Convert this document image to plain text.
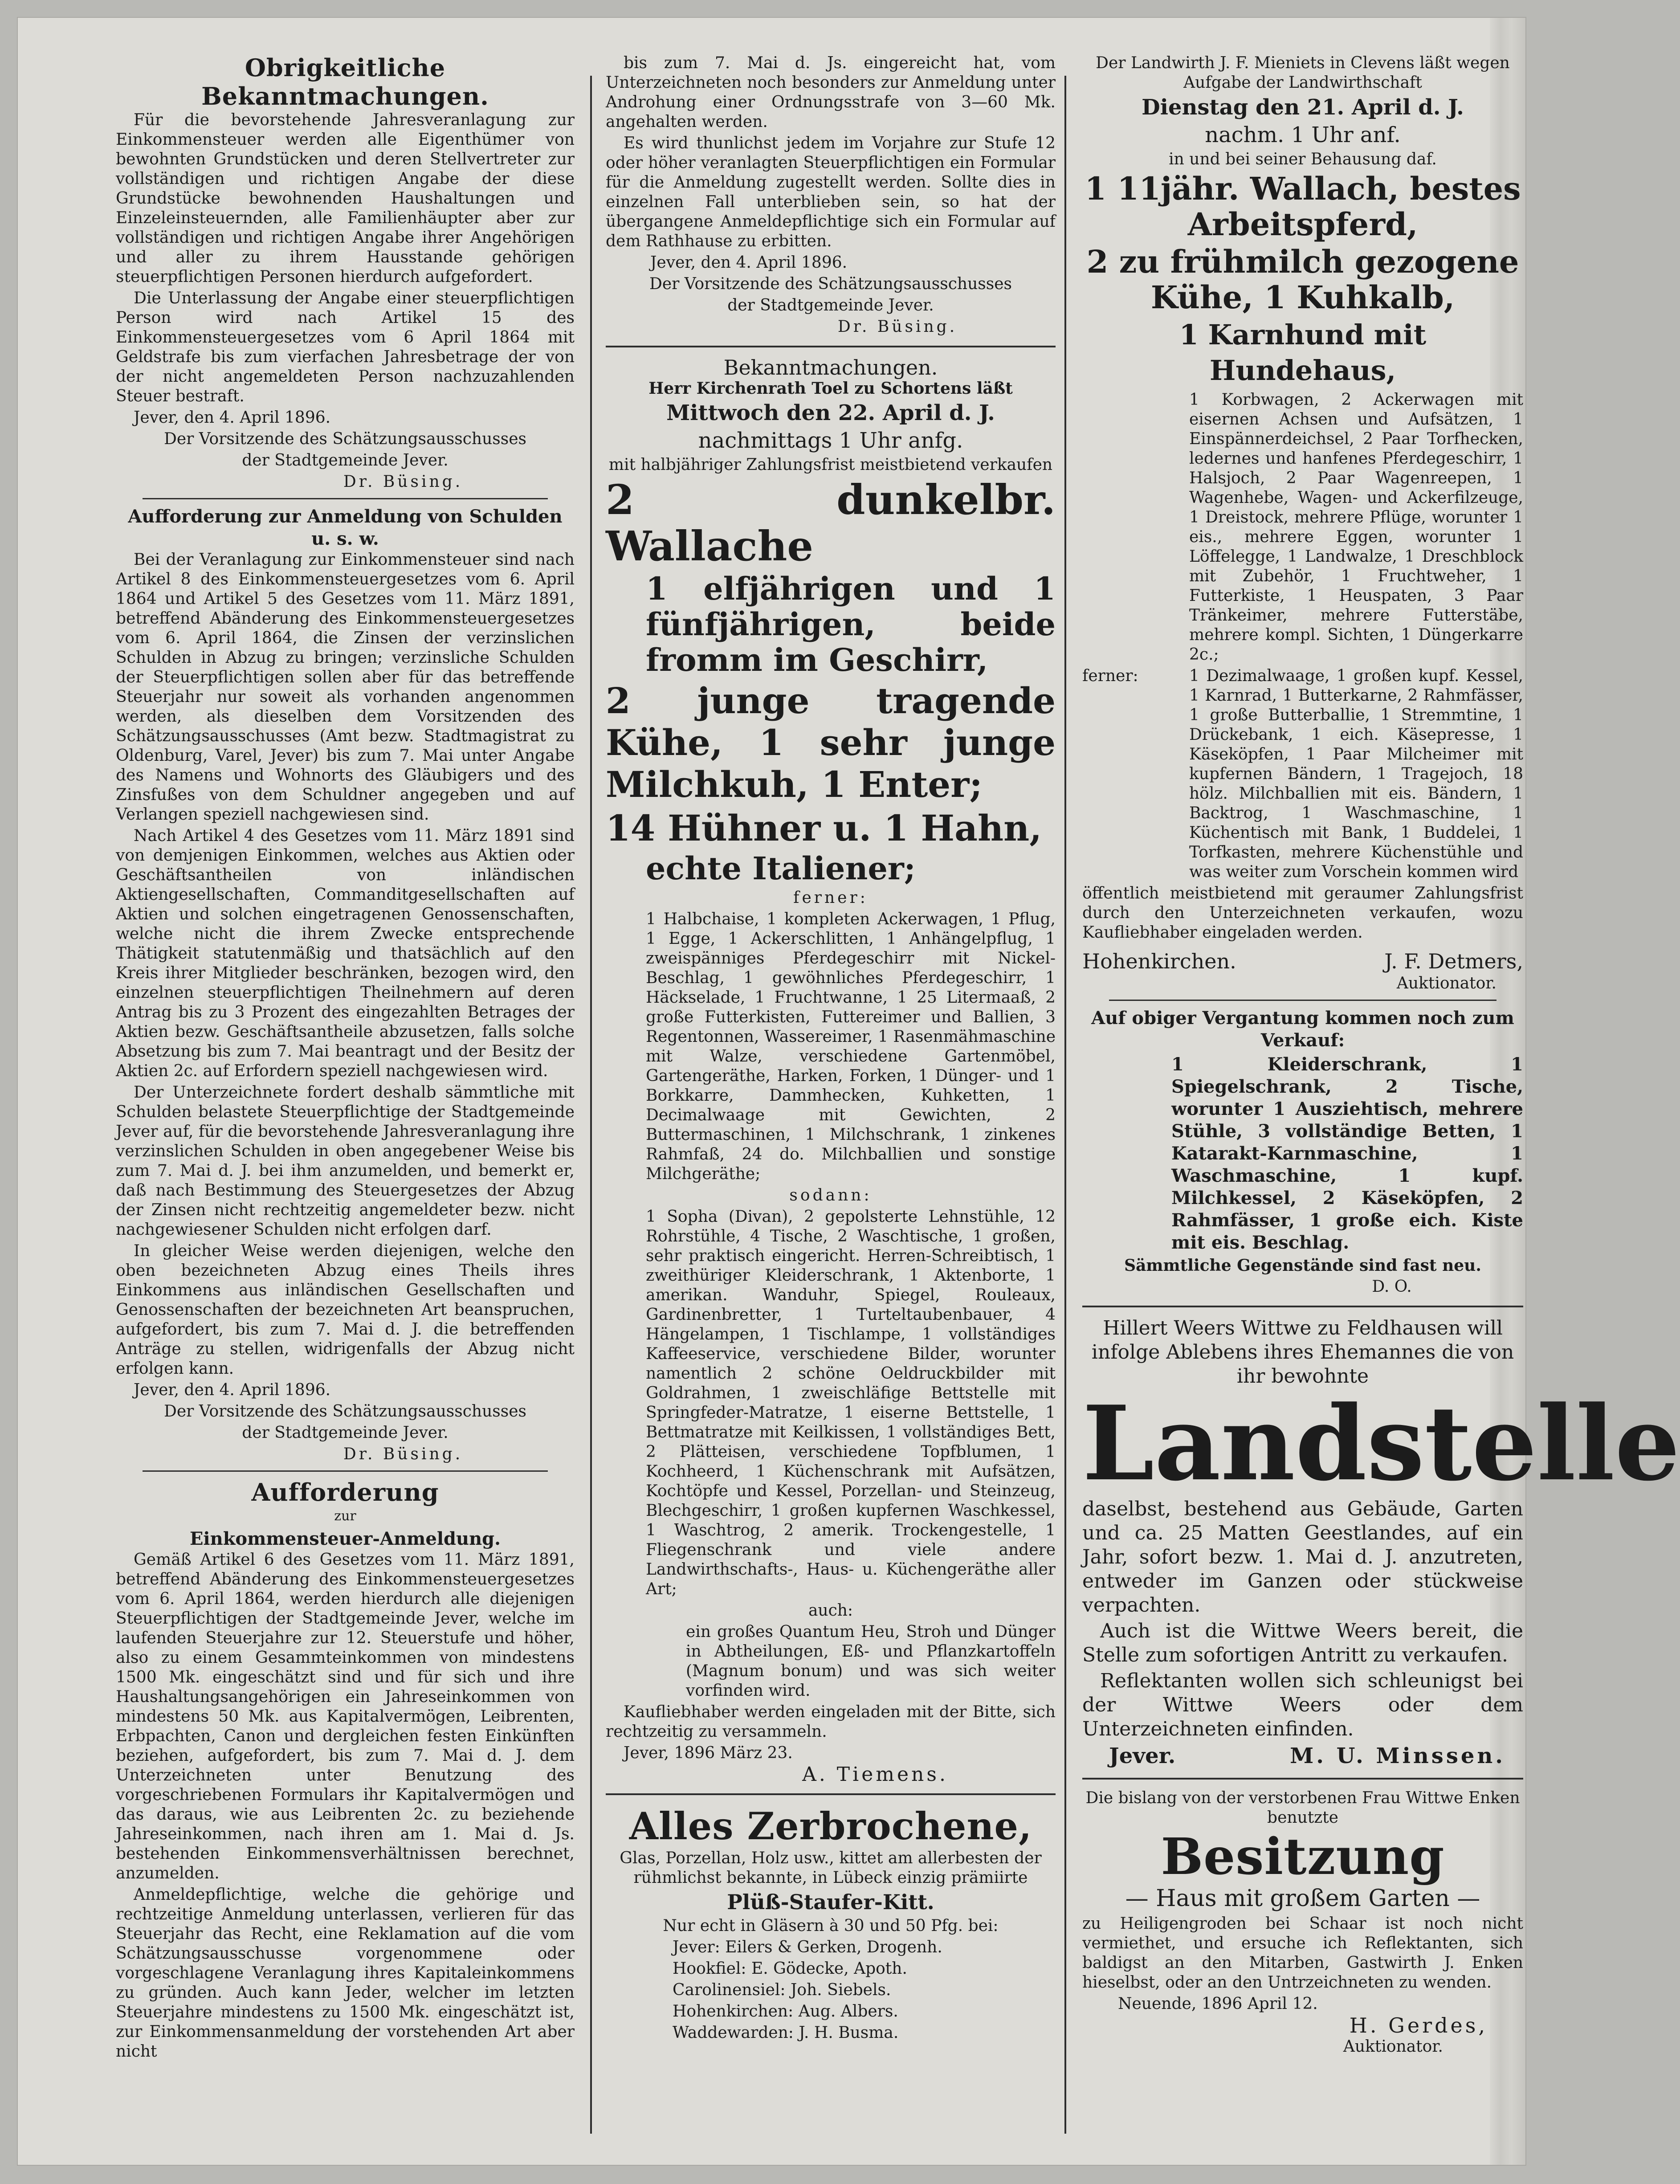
Obrigkeitliche Bekanntmachungen.

Für die bevorstehende Jahresveranlagung zur Einkommensteuer werden alle Eigenthümer von bewohnten Grundstücken und deren Stellvertreter zur vollständigen und richtigen Angabe der diese Grundstücke bewohnenden Haushaltungen und Einzeleinsteuernden, alle Familienhäupter aber zur vollständigen und richtigen Angabe ihrer Angehörigen und aller zu ihrem Hausstande gehörigen steuerpflichtigen Personen hierdurch aufgefordert.

Die Unterlassung der Angabe einer steuerpflichtigen Person wird nach Artikel 15 des Einkommensteuergesetzes vom 6 April 1864 mit Geldstrafe bis zum vierfachen Jahresbetrage der von der nicht angemeldeten Person nachzuzahlenden Steuer bestraft.

Jever, den 4. April 1896.

Der Vorsitzende des Schätzungsausschusses

der Stadtgemeinde Jever.

Dr. Büsing.

Aufforderung zur Anmeldung von Schulden u. s. w.

Bei der Veranlagung zur Einkommensteuer sind nach Artikel 8 des Einkommensteuergesetzes vom 6. April 1864 und Artikel 5 des Gesetzes vom 11. März 1891, betreffend Abänderung des Einkommensteuergesetzes vom 6. April 1864, die Zinsen der verzinslichen Schulden in Abzug zu bringen; verzinsliche Schulden der Steuerpflichtigen sollen aber für das betreffende Steuerjahr nur soweit als vorhanden angenommen werden, als dieselben dem Vorsitzenden des Schätzungsausschusses (Amt bezw. Stadtmagistrat zu Oldenburg, Varel, Jever) bis zum 7. Mai unter Angabe des Namens und Wohnorts des Gläubigers und des Zinsfußes von dem Schuldner angegeben und auf Verlangen speziell nachgewiesen sind.

Nach Artikel 4 des Gesetzes vom 11. März 1891 sind von demjenigen Einkommen, welches aus Aktien oder Geschäftsantheilen von inländischen Aktiengesellschaften, Commanditgesellschaften auf Aktien und solchen eingetragenen Genossenschaften, welche nicht die ihrem Zwecke entsprechende Thätigkeit statutenmäßig und thatsächlich auf den Kreis ihrer Mitglieder beschränken, bezogen wird, den einzelnen steuerpflichtigen Theilnehmern auf deren Antrag bis zu 3 Prozent des eingezahlten Betrages der Aktien bezw. Geschäftsantheile abzusetzen, falls solche Absetzung bis zum 7. Mai beantragt und der Besitz der Aktien 2c. auf Erfordern speziell nachgewiesen wird.

Der Unterzeichnete fordert deshalb sämmtliche mit Schulden belastete Steuerpflichtige der Stadtgemeinde Jever auf, für die bevorstehende Jahresveranlagung ihre verzinslichen Schulden in oben angegebener Weise bis zum 7. Mai d. J. bei ihm anzumelden, und bemerkt er, daß nach Bestimmung des Steuergesetzes der Abzug der Zinsen nicht rechtzeitig angemeldeter bezw. nicht nachgewiesener Schulden nicht erfolgen darf.

In gleicher Weise werden diejenigen, welche den oben bezeichneten Abzug eines Theils ihres Einkommens aus inländischen Gesellschaften und Genossenschaften der bezeichneten Art beanspruchen, aufgefordert, bis zum 7. Mai d. J. die betreffenden Anträge zu stellen, widrigenfalls der Abzug nicht erfolgen kann.

Jever, den 4. April 1896.

Der Vorsitzende des Schätzungsausschusses

der Stadtgemeinde Jever.

Dr. Büsing.

Aufforderung

zur

Einkommensteuer-Anmeldung.

Gemäß Artikel 6 des Gesetzes vom 11. März 1891, betreffend Abänderung des Einkommensteuergesetzes vom 6. April 1864, werden hierdurch alle diejenigen Steuerpflichtigen der Stadtgemeinde Jever, welche im laufenden Steuerjahre zur 12. Steuerstufe und höher, also zu einem Gesammteinkommen von mindestens 1500 Mk. eingeschätzt sind und für sich und ihre Haushaltungsangehörigen ein Jahreseinkommen von mindestens 50 Mk. aus Kapitalvermögen, Leibrenten, Erbpachten, Canon und dergleichen festen Einkünften beziehen, aufgefordert, bis zum 7. Mai d. J. dem Unterzeichneten unter Benutzung des vorgeschriebenen Formulars ihr Kapitalvermögen und das daraus, wie aus Leibrenten 2c. zu beziehende Jahreseinkommen, nach ihren am 1. Mai d. Js. bestehenden Einkommensverhältnissen berechnet, anzumelden.

Anmeldepflichtige, welche die gehörige und rechtzeitige Anmeldung unterlassen, verlieren für das Steuerjahr das Recht, eine Reklamation auf die vom Schätzungsausschusse vorgenommene oder vorgeschlagene Veranlagung ihres Kapitaleinkommens zu gründen. Auch kann Jeder, welcher im letzten Steuerjahre mindestens zu 1500 Mk. eingeschätzt ist, zur Einkommensanmeldung der vorstehenden Art aber nicht

bis zum 7. Mai d. Js. eingereicht hat, vom Unterzeichneten noch besonders zur Anmeldung unter Androhung einer Ordnungsstrafe von 3—60 Mk. angehalten werden.

Es wird thunlichst jedem im Vorjahre zur Stufe 12 oder höher veranlagten Steuerpflichtigen ein Formular für die Anmeldung zugestellt werden. Sollte dies in einzelnen Fall unterblieben sein, so hat der übergangene Anmeldepflichtige sich ein Formular auf dem Rathhause zu erbitten.

Jever, den 4. April 1896.

Der Vorsitzende des Schätzungsausschusses

der Stadtgemeinde Jever.

Dr. Büsing.

Bekanntmachungen.

Herr Kirchenrath Toel zu Schortens läßt

Mittwoch den 22. April d. J.

nachmittags 1 Uhr anfg.

mit halbjähriger Zahlungsfrist meistbietend verkaufen

2 dunkelbr. Wallache

1 elfjährigen und 1 fünfjährigen, beide fromm im Geschirr,

2 junge tragende Kühe, 1 sehr junge Milchkuh, 1 Enter;

14 Hühner u. 1 Hahn,

echte Italiener;

ferner:

1 Halbchaise, 1 kompleten Ackerwagen, 1 Pflug, 1 Egge, 1 Ackerschlitten, 1 Anhängelpflug, 1 zweispänniges Pferdegeschirr mit Nickel-Beschlag, 1 gewöhnliches Pferdegeschirr, 1 Häckselade, 1 Fruchtwanne, 1 25 Litermaaß, 2 große Futterkisten, Futtereimer und Ballien, 3 Regentonnen, Wassereimer, 1 Rasenmähmaschine mit Walze, verschiedene Gartenmöbel, Gartengeräthe, Harken, Forken, 1 Dünger- und 1 Borkkarre, Dammhecken, Kuhketten, 1 Decimalwaage mit Gewichten, 2 Buttermaschinen, 1 Milchschrank, 1 zinkenes Rahmfaß, 24 do. Milchballien und sonstige Milchgeräthe;

sodann:

1 Sopha (Divan), 2 gepolsterte Lehnstühle, 12 Rohrstühle, 4 Tische, 2 Waschtische, 1 großen, sehr praktisch eingericht. Herren-Schreibtisch, 1 zweithüriger Kleiderschrank, 1 Aktenborte, 1 amerikan. Wanduhr, Spiegel, Rouleaux, Gardinenbretter, 1 Turteltaubenbauer, 4 Hängelampen, 1 Tischlampe, 1 vollständiges Kaffeeservice, verschiedene Bilder, worunter namentlich 2 schöne Oeldruckbilder mit Goldrahmen, 1 zweischläfige Bettstelle mit Springfeder-Matratze, 1 eiserne Bettstelle, 1 Bettmatratze mit Keilkissen, 1 vollständiges Bett, 2 Plätteisen, verschiedene Topfblumen, 1 Kochheerd, 1 Küchenschrank mit Aufsätzen, Kochtöpfe und Kessel, Porzellan- und Steinzeug, Blechgeschirr, 1 großen kupfernen Waschkessel, 1 Waschtrog, 2 amerik. Trockengestelle, 1 Fliegenschrank und viele andere Landwirthschafts-, Haus- u. Küchengeräthe aller Art;

auch:

ein großes Quantum Heu, Stroh und Dünger in Abtheilungen, Eß- und Pflanzkartoffeln (Magnum bonum) und was sich weiter vorfinden wird.

Kaufliebhaber werden eingeladen mit der Bitte, sich rechtzeitig zu versammeln.

Jever, 1896 März 23.

A. Tiemens.

Alles Zerbrochene,

Glas, Porzellan, Holz usw., kittet am allerbesten der rühmlichst bekannte, in Lübeck einzig prämiirte

Plüß-Staufer-Kitt.

Nur echt in Gläsern à 30 und 50 Pfg. bei:

Jever: Eilers & Gerken, Drogenh.

Hookfiel: E. Gödecke, Apoth.

Carolinensiel: Joh. Siebels.

Hohenkirchen: Aug. Albers.

Waddewarden: J. H. Busma.

Der Landwirth J. F. Mieniets in Clevens läßt wegen Aufgabe der Landwirthschaft

Dienstag den 21. April d. J.

nachm. 1 Uhr anf.

in und bei seiner Behausung daf.

1 11jähr. Wallach, bestes Arbeitspferd,

2 zu frühmilch gezogene Kühe, 1 Kuhkalb,

1 Karnhund mit Hundehaus,

1 Korbwagen, 2 Ackerwagen mit eisernen Achsen und Aufsätzen, 1 Einspännerdeichsel, 2 Paar Torfhecken, ledernes und hanfenes Pferdegeschirr, 1 Halsjoch, 2 Paar Wagenreepen, 1 Wagenhebe, Wagen- und Ackerfilzeuge, 1 Dreistock, mehrere Pflüge, worunter 1 eis., mehrere Eggen, worunter 1 Löffelegge, 1 Landwalze, 1 Dreschblock mit Zubehör, 1 Fruchtweher, 1 Futterkiste, 1 Heuspaten, 3 Paar Tränkeimer, mehrere Futterstäbe, mehrere kompl. Sichten, 1 Düngerkarre 2c.;

ferner:	1 Dezimalwaage, 1 großen kupf. Kessel, 1 Karnrad, 1 Butterkarne, 2 Rahmfässer, 1 große Butterballie, 1 Stremmtine, 1 Drückebank, 1 eich. Käsepresse, 1 Käseköpfen, 1 Paar Milcheimer mit kupfernen Bändern, 1 Tragejoch, 18 hölz. Milchballien mit eis. Bändern, 1 Backtrog, 1 Waschmaschine, 1 Küchentisch mit Bank, 1 Buddelei, 1 Torfkasten, mehrere Küchenstühle und was weiter zum Vorschein kommen wird

öffentlich meistbietend mit geraumer Zahlungsfrist durch den Unterzeichneten verkaufen, wozu Kaufliebhaber eingeladen werden.

Hohenkirchen.	J. F. Detmers,

Auktionator.

Auf obiger Vergantung kommen noch zum Verkauf:

1 Kleiderschrank, 1 Spiegelschrank, 2 Tische, worunter 1 Ausziehtisch, mehrere Stühle, 3 vollständige Betten, 1 Katarakt-Karnmaschine, 1 Waschmaschine, 1 kupf. Milchkessel, 2 Käseköpfen, 2 Rahmfässer, 1 große eich. Kiste mit eis. Beschlag.

Sämmtliche Gegenstände sind fast neu.

D. O.

Hillert Weers Wittwe zu Feldhausen will infolge Ablebens ihres Ehemannes die von ihr bewohnte

Landstelle

daselbst, bestehend aus Gebäude, Garten und ca. 25 Matten Geestlandes, auf ein Jahr, sofort bezw. 1. Mai d. J. anzutreten, entweder im Ganzen oder stückweise verpachten.

Auch ist die Wittwe Weers bereit, die Stelle zum sofortigen Antritt zu verkaufen.

Reflektanten wollen sich schleunigst bei der Wittwe Weers oder dem Unterzeichneten einfinden.

Jever.	M. U. Minssen.

Die bislang von der verstorbenen Frau Wittwe Enken benutzte

Besitzung

— Haus mit großem Garten —

zu Heiligengroden bei Schaar ist noch nicht vermiethet, und ersuche ich Reflektanten, sich baldigst an den Mitarben, Gastwirth J. Enken hieselbst, oder an den Untrzeichneten zu wenden.

Neuende, 1896 April 12.

H. Gerdes,

Auktionator.
